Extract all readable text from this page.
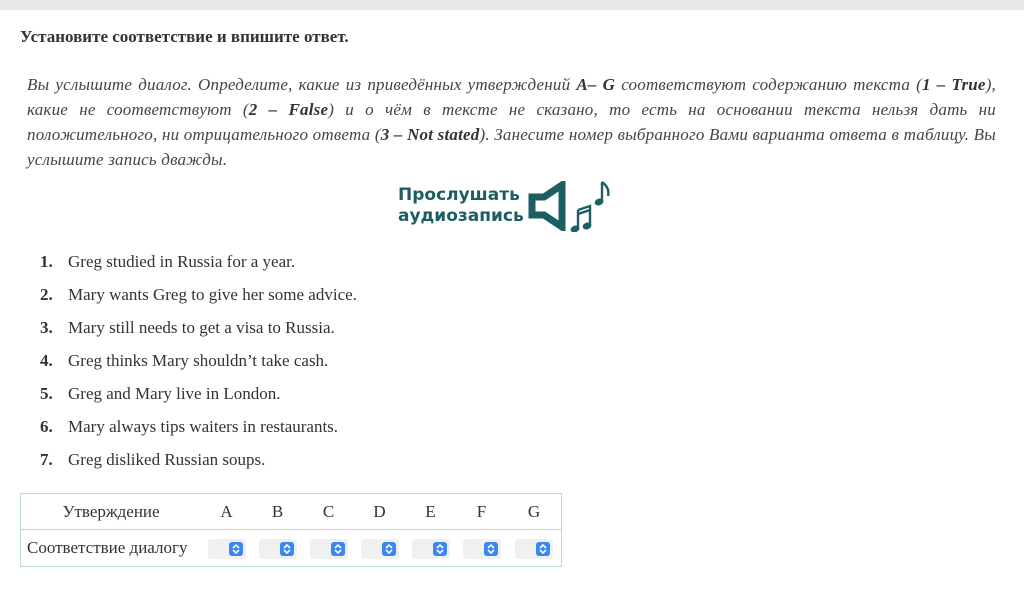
Установите соответствие и впишите ответ.

Вы услышите диалог. Определите, какие из приведённых утверждений A– G соответствуют содержанию текста (1 – True), какие не соответствуют (2 – False) и о чём в тексте не сказано, то есть на основании текста нельзя дать ни положительного, ни отрицательного ответа (3 – Not stated). Занесите номер выбранного Вами варианта ответа в таблицу. Вы услышите запись дважды.

Прослушать
аудиозапись
1. Greg studied in Russia for a year.
2. Mary wants Greg to give her some advice.
3. Mary still needs to get a visa to Russia.
4. Greg thinks Mary shouldn’t take cash.
5. Greg and Mary live in London.
6. Mary always tips waiters in restaurants.
7. Greg disliked Russian soups.
Утверждение	A	B	C	D	E	F	G
Соответствие диалогу	
